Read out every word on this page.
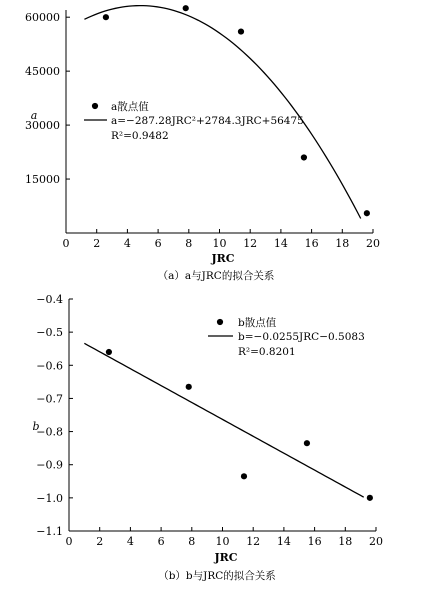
15000
30000
45000
60000
0 2 4 6 8 10 12 14 16 18 20
a
JRC
a散点值
a=−287.28JRC²+2784.3JRC+56475
R²=0.9482
（a）a与JRC的拟合关系
−1.1
−1.0
−0.9
−0.8
−0.7
−0.6
−0.5
−0.4
0 2 4 6 8 10 12 14 16 18 20
b
JRC
b散点值
b=−0.0255JRC−0.5083
R²=0.8201
（b）b与JRC的拟合关系
